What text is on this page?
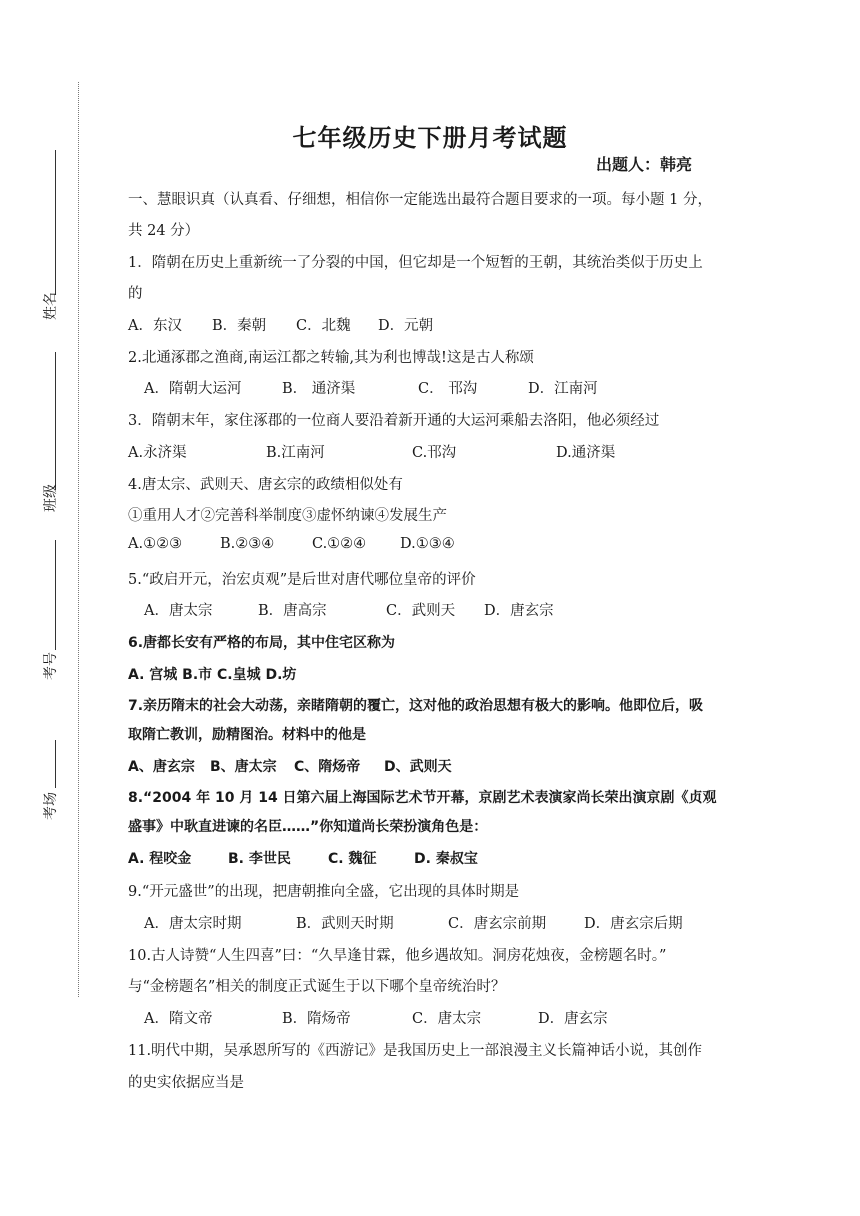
姓名
班级
考号
考场
七年级历史下册月考试题
出题人：韩亮
一、慧眼识真（认真看、仔细想，相信你一定能选出最符合题目要求的一项。每小题 1 分，
共 24 分）
1．隋朝在历史上重新统一了分裂的中国，但它却是一个短暂的王朝，其统治类似于历史上
的
A．东汉 B．秦朝 C．北魏 D．元朝
2.北通涿郡之渔商,南运江都之转输,其为利也博哉!这是古人称颂
A．隋朝大运河	B． 通济渠	C． 邗沟	D．江南河
3．隋朝末年，家住涿郡的一位商人要沿着新开通的大运河乘船去洛阳，他必须经过
A.永济渠	B.江南河	C.邗沟	D.通济渠
4.唐太宗、武则天、唐玄宗的政绩相似处有
①重用人才②完善科举制度③虚怀纳谏④发展生产
A.①②③	B.②③④	C.①②④ D.①③④
5.“政启开元，治宏贞观”是后世对唐代哪位皇帝的评价
A．唐太宗	B．唐高宗	C．武则天 D．唐玄宗
6.唐都长安有严格的布局，其中住宅区称为
A. 宫城 B.市 C.皇城 D.坊
7.亲历隋末的社会大动荡，亲睹隋朝的覆亡，这对他的政治思想有极大的影响。他即位后，吸
取隋亡教训，励精图治。材料中的他是
A、唐玄宗 B、唐太宗 C、隋炀帝 D、武则天
8.“2004 年 10 月 14 日第六届上海国际艺术节开幕，京剧艺术表演家尚长荣出演京剧《贞观
盛事》中耿直进谏的名臣……”你知道尚长荣扮演角色是：
A. 程咬金	B. 李世民	C. 魏征	D. 秦叔宝
9.“开元盛世”的出现，把唐朝推向全盛，它出现的具体时期是
A．唐太宗时期	B．武则天时期	C．唐玄宗前期	D．唐玄宗后期
10.古人诗赞“人生四喜”曰：“久旱逢甘霖，他乡遇故知。洞房花烛夜，金榜题名时。”
与“金榜题名”相关的制度正式诞生于以下哪个皇帝统治时？
A．隋文帝	B．隋炀帝	C．唐太宗	D．唐玄宗
11.明代中期，吴承恩所写的《西游记》是我国历史上一部浪漫主义长篇神话小说，其创作
的史实依据应当是
